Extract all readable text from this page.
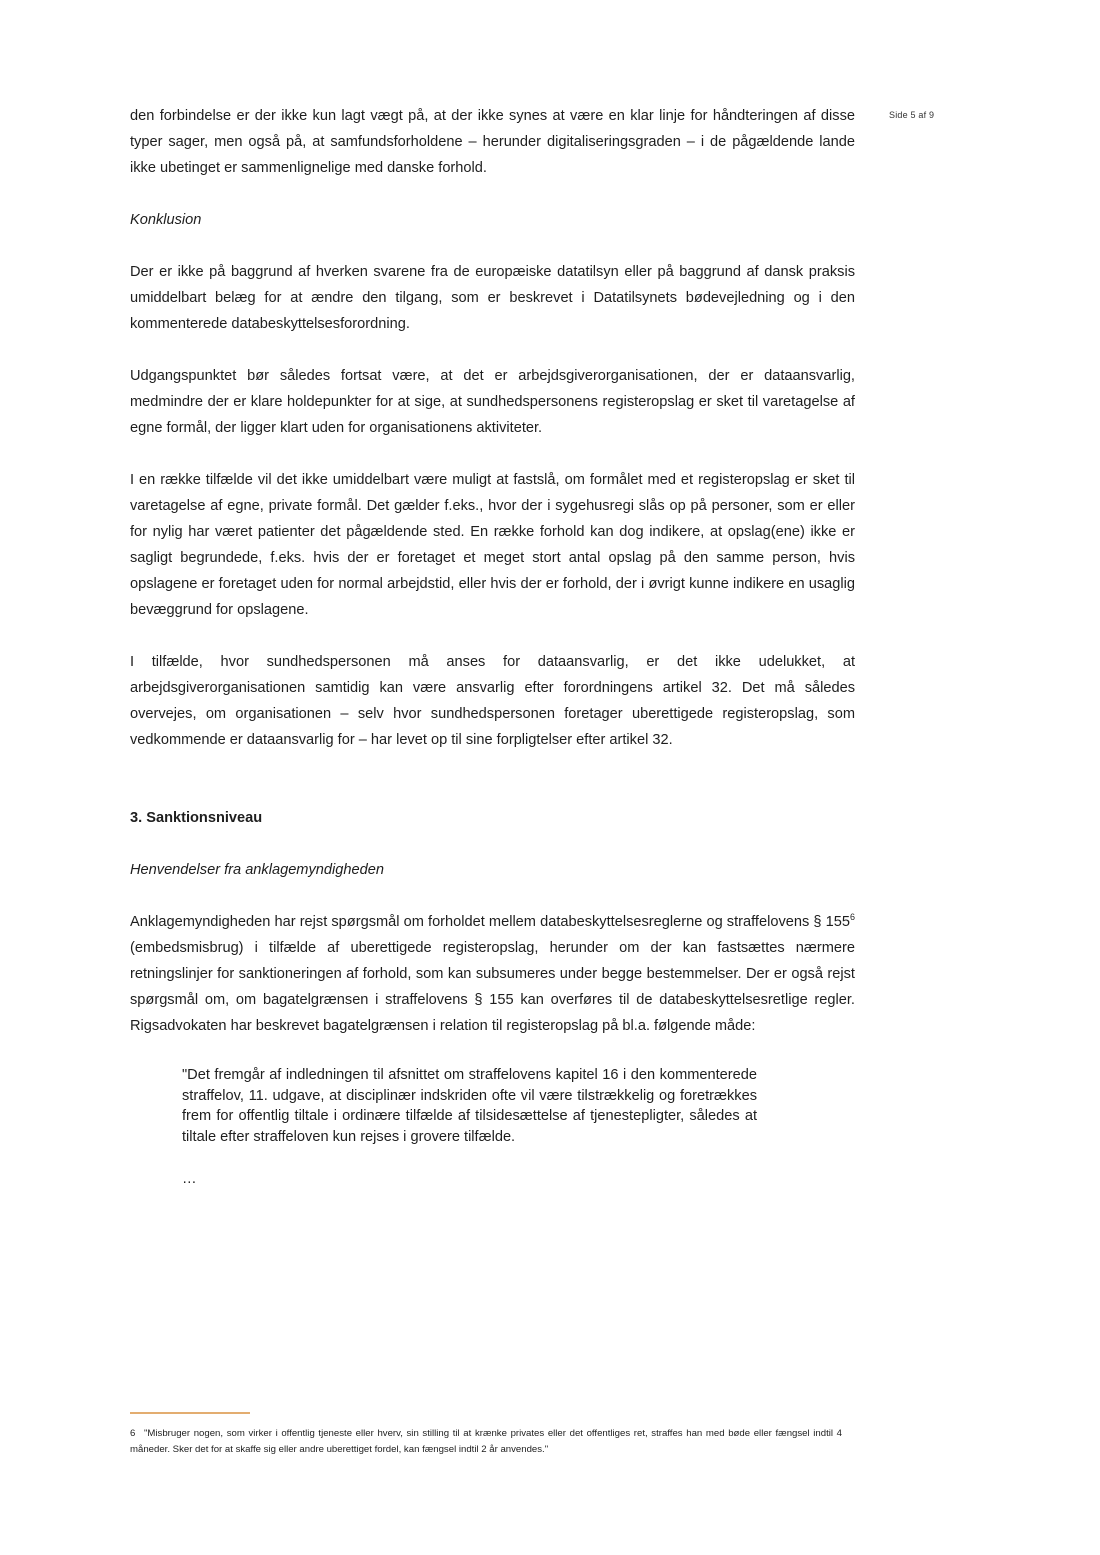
Side 5 af 9

den forbindelse er der ikke kun lagt vægt på, at der ikke synes at være en klar linje for håndteringen af disse typer sager, men også på, at samfundsforholdene – herunder digitaliseringsgraden – i de pågældende lande ikke ubetinget er sammenlignelige med danske forhold.

Konklusion

Der er ikke på baggrund af hverken svarene fra de europæiske datatilsyn eller på baggrund af dansk praksis umiddelbart belæg for at ændre den tilgang, som er beskrevet i Datatilsynets bødevejledning og i den kommenterede databeskyttelsesforordning.

Udgangspunktet bør således fortsat være, at det er arbejdsgiverorganisationen, der er dataansvarlig, medmindre der er klare holdepunkter for at sige, at sundhedspersonens registeropslag er sket til varetagelse af egne formål, der ligger klart uden for organisationens aktiviteter.

I en række tilfælde vil det ikke umiddelbart være muligt at fastslå, om formålet med et registeropslag er sket til varetagelse af egne, private formål. Det gælder f.eks., hvor der i sygehusregi slås op på personer, som er eller for nylig har været patienter det pågældende sted. En række forhold kan dog indikere, at opslag(ene) ikke er sagligt begrundede, f.eks. hvis der er foretaget et meget stort antal opslag på den samme person, hvis opslagene er foretaget uden for normal arbejdstid, eller hvis der er forhold, der i øvrigt kunne indikere en usaglig bevæggrund for opslagene.

I tilfælde, hvor sundhedspersonen må anses for dataansvarlig, er det ikke udelukket, at arbejdsgiverorganisationen samtidig kan være ansvarlig efter forordningens artikel 32. Det må således overvejes, om organisationen – selv hvor sundhedspersonen foretager uberettigede registeropslag, som vedkommende er dataansvarlig for – har levet op til sine forpligtelser efter artikel 32.

3. Sanktionsniveau

Henvendelser fra anklagemyndigheden

Anklagemyndigheden har rejst spørgsmål om forholdet mellem databeskyttelsesreglerne og straffelovens § $155^6$ (embedsmisbrug) i tilfælde af uberettigede registeropslag, herunder om der kan fastsættes nærmere retningslinjer for sanktioneringen af forhold, som kan subsumeres under begge bestemmelser. Der er også rejst spørgsmål om, om bagatelgrænsen i straffelovens § 155 kan overføres til de databeskyttelsesretlige regler. Rigsadvokaten har beskrevet bagatelgrænsen i relation til registeropslag på bl.a. følgende måde:

"Det fremgår af indledningen til afsnittet om straffelovens kapitel 16 i den kommenterede straffelov, 11. udgave, at disciplinær indskriden ofte vil være tilstrækkelig og foretrækkes frem for offentlig tiltale i ordinære tilfælde af tilsidesættelse af tjenestepligter, således at tiltale efter straffeloven kun rejses i grovere tilfælde.
…
6 "Misbruger nogen, som virker i offentlig tjeneste eller hverv, sin stilling til at krænke privates eller det offentliges ret, straffes han med bøde eller fængsel indtil 4 måneder. Sker det for at skaffe sig eller andre uberettiget fordel, kan fængsel indtil 2 år anvendes."
